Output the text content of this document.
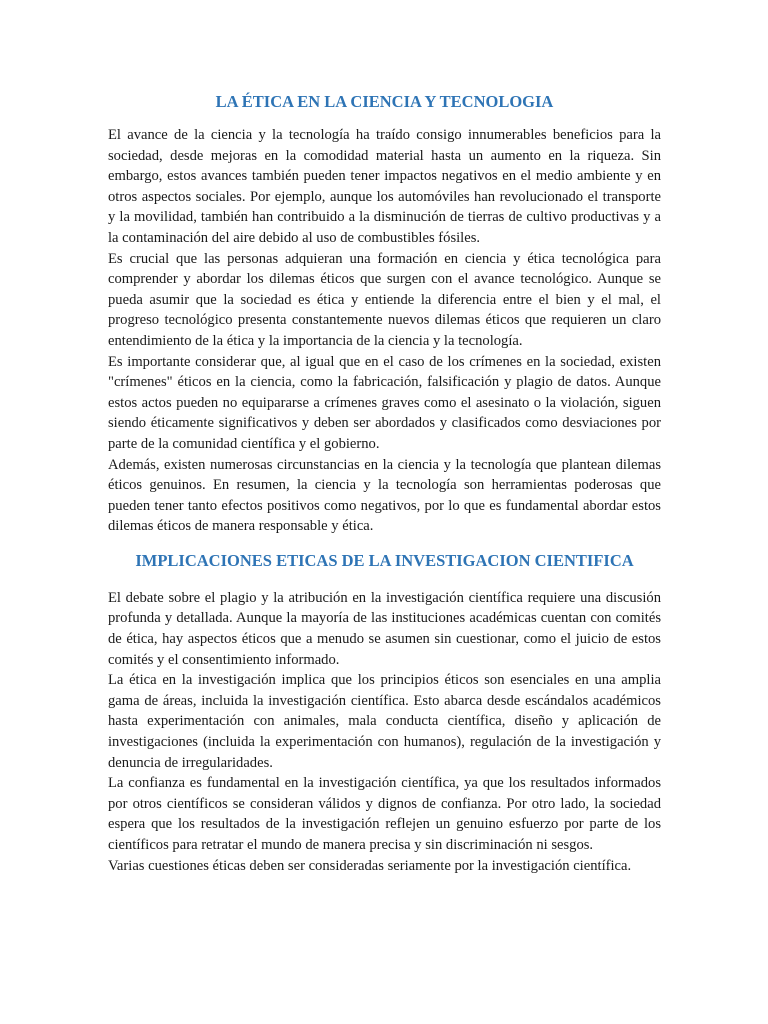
LA ÉTICA EN LA CIENCIA Y TECNOLOGIA

El avance de la ciencia y la tecnología ha traído consigo innumerables beneficios para la sociedad, desde mejoras en la comodidad material hasta un aumento en la riqueza. Sin embargo, estos avances también pueden tener impactos negativos en el medio ambiente y en otros aspectos sociales. Por ejemplo, aunque los automóviles han revolucionado el transporte y la movilidad, también han contribuido a la disminución de tierras de cultivo productivas y a la contaminación del aire debido al uso de combustibles fósiles.

Es crucial que las personas adquieran una formación en ciencia y ética tecnológica para comprender y abordar los dilemas éticos que surgen con el avance tecnológico. Aunque se pueda asumir que la sociedad es ética y entiende la diferencia entre el bien y el mal, el progreso tecnológico presenta constantemente nuevos dilemas éticos que requieren un claro entendimiento de la ética y la importancia de la ciencia y la tecnología.

Es importante considerar que, al igual que en el caso de los crímenes en la sociedad, existen "crímenes" éticos en la ciencia, como la fabricación, falsificación y plagio de datos. Aunque estos actos pueden no equipararse a crímenes graves como el asesinato o la violación, siguen siendo éticamente significativos y deben ser abordados y clasificados como desviaciones por parte de la comunidad científica y el gobierno.

Además, existen numerosas circunstancias en la ciencia y la tecnología que plantean dilemas éticos genuinos. En resumen, la ciencia y la tecnología son herramientas poderosas que pueden tener tanto efectos positivos como negativos, por lo que es fundamental abordar estos dilemas éticos de manera responsable y ética.

IMPLICACIONES ETICAS DE LA INVESTIGACION CIENTIFICA

El debate sobre el plagio y la atribución en la investigación científica requiere una discusión profunda y detallada. Aunque la mayoría de las instituciones académicas cuentan con comités de ética, hay aspectos éticos que a menudo se asumen sin cuestionar, como el juicio de estos comités y el consentimiento informado.

La ética en la investigación implica que los principios éticos son esenciales en una amplia gama de áreas, incluida la investigación científica. Esto abarca desde escándalos académicos hasta experimentación con animales, mala conducta científica, diseño y aplicación de investigaciones (incluida la experimentación con humanos), regulación de la investigación y denuncia de irregularidades.

La confianza es fundamental en la investigación científica, ya que los resultados informados por otros científicos se consideran válidos y dignos de confianza. Por otro lado, la sociedad espera que los resultados de la investigación reflejen un genuino esfuerzo por parte de los científicos para retratar el mundo de manera precisa y sin discriminación ni sesgos.

Varias cuestiones éticas deben ser consideradas seriamente por la investigación científica.
